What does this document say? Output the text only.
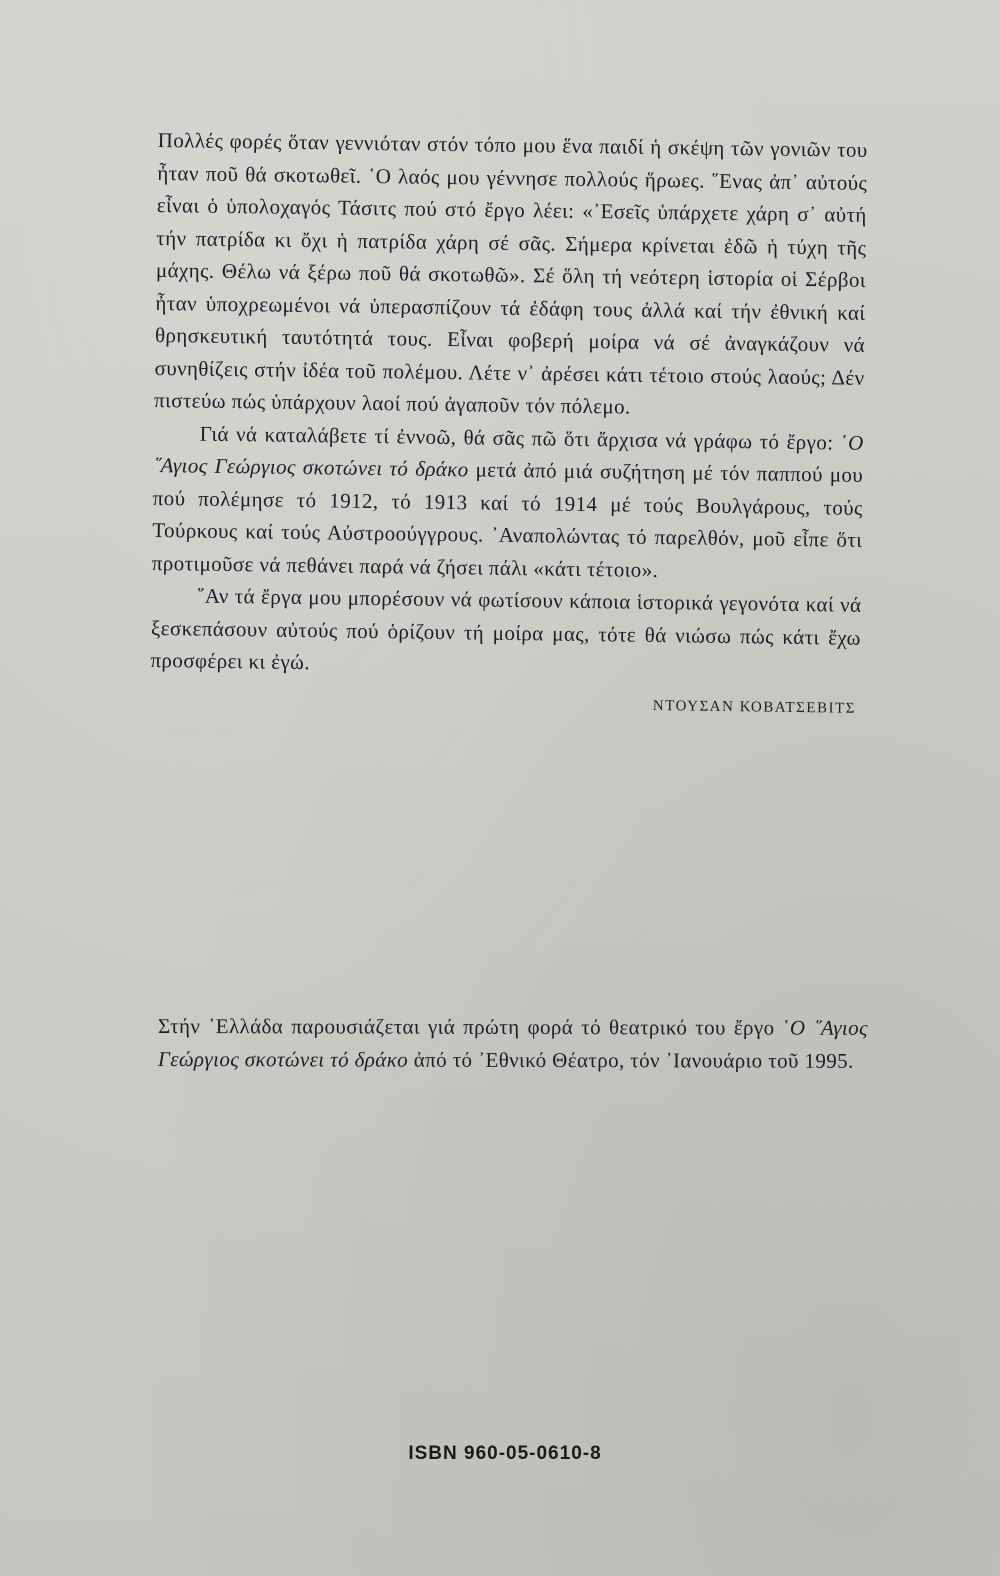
Πολλές φορές ὅταν γεννιόταν στόν τόπο μου ἕνα παιδί ἡ σκέψη τῶν γονιῶν του ἦταν ποῦ θά σκοτωθεῖ. ῾Ο λαός μου γέννησε πολλούς ἥρωες. ῞Ενας ἀπ᾽ αὐτούς εἶναι ὁ ὑπολοχαγός Τάσιτς πού στό ἔργο λέει: «᾽Εσεῖς ὑπάρχετε χάρη σ᾽ αὐτή τήν πατρίδα κι ὄχι ἡ πατρίδα χάρη σέ σᾶς. Σήμερα κρίνεται ἐδῶ ἡ τύχη τῆς μάχης. Θέλω νά ξέρω ποῦ θά σκοτωθῶ». Σέ ὅλη τή νεότερη ἱστορία οἱ Σέρβοι ἦταν ὑποχρεωμένοι νά ὑπερασπίζουν τά ἐδάφη τους ἀλλά καί τήν ἐθνική καί θρησκευτική ταυτότητά τους. Εἶναι φοβερή μοίρα νά σέ ἀναγκάζουν νά συνηθίζεις στήν ἰδέα τοῦ πολέμου. Λέτε ν᾽ ἀρέσει κάτι τέτοιο στούς λαούς; Δέν πιστεύω πώς ὑπάρχουν λαοί πού ἀγαποῦν τόν πόλεμο.

Γιά νά καταλάβετε τί ἐννοῶ, θά σᾶς πῶ ὅτι ἄρχισα νά γράφω τό ἔργο: ῾Ο ῞Αγιος Γεώργιος σκοτώνει τό δράκο μετά ἀπό μιά συζήτηση μέ τόν παππού μου πού πολέμησε τό 1912, τό 1913 καί τό 1914 μέ τούς Βουλγάρους, τούς Τούρκους καί τούς Αὐστροούγγρους. ᾽Αναπολώντας τό παρελθόν, μοῦ εἶπε ὅτι προτιμοῦσε νά πεθάνει παρά νά ζήσει πάλι «κάτι τέτοιο».

῞Αν τά ἔργα μου μπορέσουν νά φωτίσουν κάποια ἱστορικά γεγονότα καί νά ξεσκεπάσουν αὐτούς πού ὁρίζουν τή μοίρα μας, τότε θά νιώσω πώς κάτι ἔχω προσφέρει κι ἐγώ.

ΝΤΟΥΣΑΝ ΚΟΒΑΤΣΕΒΙΤΣ

Στήν ῾Ελλάδα παρουσιάζεται γιά πρώτη φορά τό θεατρικό του ἔργο ῾Ο ῞Αγιος Γεώργιος σκοτώνει τό δράκο ἀπό τό ᾽Εθνικό Θέατρο, τόν ᾽Ιανουάριο τοῦ 1995.

ISBN 960-05-0610-8
